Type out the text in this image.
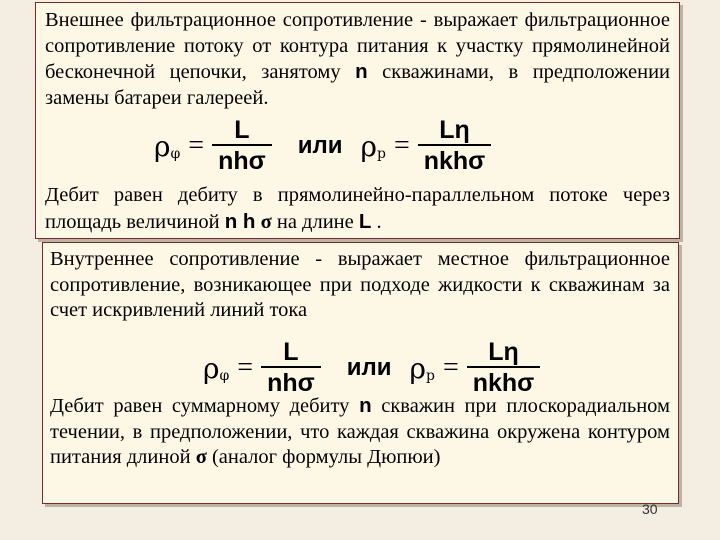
Внешнее фильтрационное сопротивление - выражает фильтрационное сопротивление потоку от контура питания к участку прямолинейной бесконечной цепочки, занятому n скважинами, в предположении замены батареи галереей.

ρ $\varphi = \frac{L}{\text{nhσ}}$ или ρ $p = \frac{L\eta}{\text{nkhσ}}$

Дебит равен дебиту в прямолинейно-параллельном потоке через площадь величиной n h σ на длине L .

Внутреннее сопротивление - выражает местное фильтрационное сопротивление, возникающее при подходе жидкости к скважинам за счет искривлений линий тока

ρ $\varphi = \frac{L}{\text{nhσ}}$ или ρ $p = \frac{L\eta}{\text{nkhσ}}$

Дебит равен суммарному дебиту n скважин при плоскорадиальном течении, в предположении, что каждая скважина окружена контуром питания длиной σ (аналог формулы Дюпюи)

30
